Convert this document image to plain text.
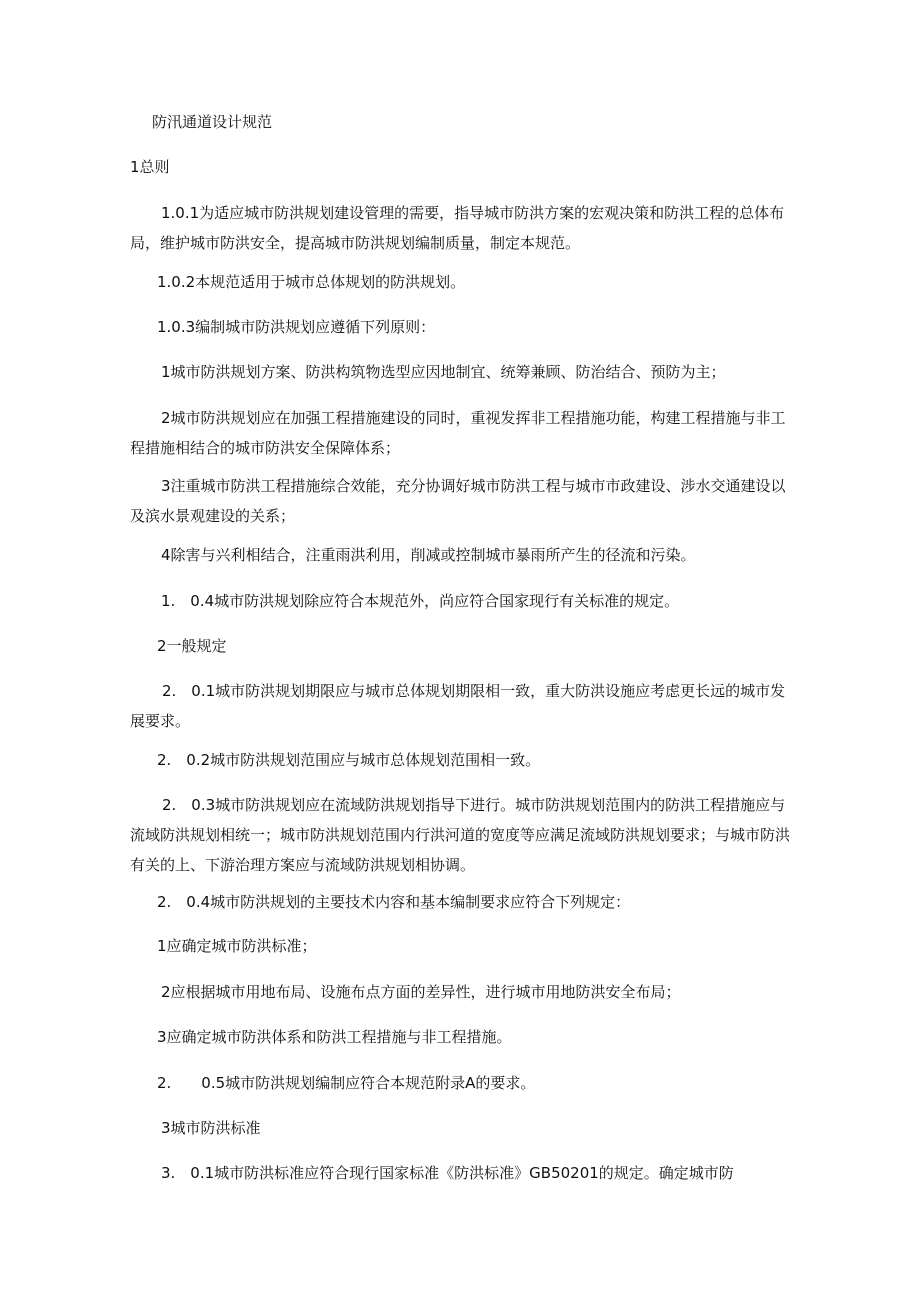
防汛通道设计规范
1总则
1.0.1为适应城市防洪规划建设管理的需要，指导城市防洪方案的宏观决策和防洪工程的总体布局，维护城市防洪安全，提高城市防洪规划编制质量，制定本规范。
1.0.2本规范适用于城市总体规划的防洪规划。
1.0.3编制城市防洪规划应遵循下列原则：
1城市防洪规划方案、防洪构筑物选型应因地制宜、统筹兼顾、防治结合、预防为主；
2城市防洪规划应在加强工程措施建设的同时，重视发挥非工程措施功能，构建工程措施与非工程措施相结合的城市防洪安全保障体系；
3注重城市防洪工程措施综合效能，充分协调好城市防洪工程与城市市政建设、涉水交通建设以及滨水景观建设的关系；
4除害与兴利相结合，注重雨洪利用，削减或控制城市暴雨所产生的径流和污染。
1.　0.4城市防洪规划除应符合本规范外，尚应符合国家现行有关标准的规定。
2一般规定
2.　0.1城市防洪规划期限应与城市总体规划期限相一致，重大防洪设施应考虑更长远的城市发展要求。
2.　0.2城市防洪规划范围应与城市总体规划范围相一致。
2.　0.3城市防洪规划应在流域防洪规划指导下进行。城市防洪规划范围内的防洪工程措施应与流域防洪规划相统一；城市防洪规划范围内行洪河道的宽度等应满足流域防洪规划要求；与城市防洪有关的上、下游治理方案应与流域防洪规划相协调。
2.　0.4城市防洪规划的主要技术内容和基本编制要求应符合下列规定：
1应确定城市防洪标准；
2应根据城市用地布局、设施布点方面的差异性，进行城市用地防洪安全布局；
3应确定城市防洪体系和防洪工程措施与非工程措施。
2.　　0.5城市防洪规划编制应符合本规范附录A的要求。
3城市防洪标准
3.　0.1城市防洪标准应符合现行国家标准《防洪标准》GB50201的规定。确定城市防
